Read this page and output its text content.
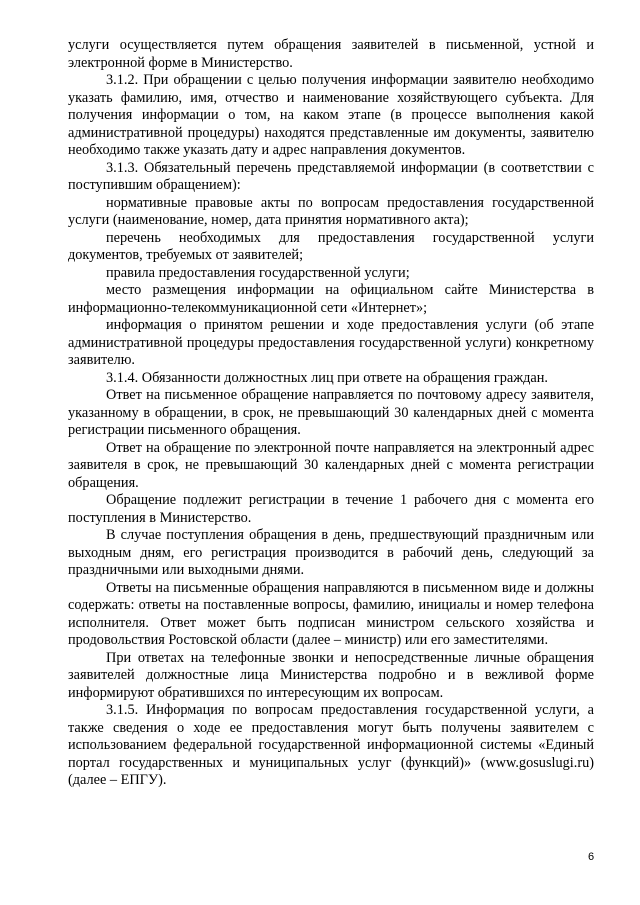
услуги осуществляется путем обращения заявителей в письменной, устной и электронной форме в Министерство.

3.1.2. При обращении с целью получения информации заявителю необходимо указать фамилию, имя, отчество и наименование хозяйствующего субъекта. Для получения информации о том, на каком этапе (в процессе выполнения какой административной процедуры) находятся представленные им документы, заявителю необходимо также указать дату и адрес направления документов.

3.1.3. Обязательный перечень представляемой информации (в соответствии с поступившим обращением):

нормативные правовые акты по вопросам предоставления государственной услуги (наименование, номер, дата принятия нормативного акта);

перечень необходимых для предоставления государственной услуги документов, требуемых от заявителей;

правила предоставления государственной услуги;

место размещения информации на официальном сайте Министерства в информационно-телекоммуникационной сети «Интернет»;

информация о принятом решении и ходе предоставления услуги (об этапе административной процедуры предоставления государственной услуги) конкретному заявителю.

3.1.4. Обязанности должностных лиц при ответе на обращения граждан.

Ответ на письменное обращение направляется по почтовому адресу заявителя, указанному в обращении, в срок, не превышающий 30 календарных дней с момента регистрации письменного обращения.

Ответ на обращение по электронной почте направляется на электронный адрес заявителя в срок, не превышающий 30 календарных дней с момента регистрации обращения.

Обращение подлежит регистрации в течение 1 рабочего дня с момента его поступления в Министерство.

В случае поступления обращения в день, предшествующий праздничным или выходным дням, его регистрация производится в рабочий день, следующий за праздничными или выходными днями.

Ответы на письменные обращения направляются в письменном виде и должны содержать: ответы на поставленные вопросы, фамилию, инициалы и номер телефона исполнителя. Ответ может быть подписан министром сельского хозяйства и продовольствия Ростовской области (далее – министр) или его заместителями.

При ответах на телефонные звонки и непосредственные личные обращения заявителей должностные лица Министерства подробно и в вежливой форме информируют обратившихся по интересующим их вопросам.

3.1.5. Информация по вопросам предоставления государственной услуги, а также сведения о ходе ее предоставления могут быть получены заявителем с использованием федеральной государственной информационной системы «Единый портал государственных и муниципальных услуг (функций)» (www.gosuslugi.ru) (далее – ЕПГУ).

6
